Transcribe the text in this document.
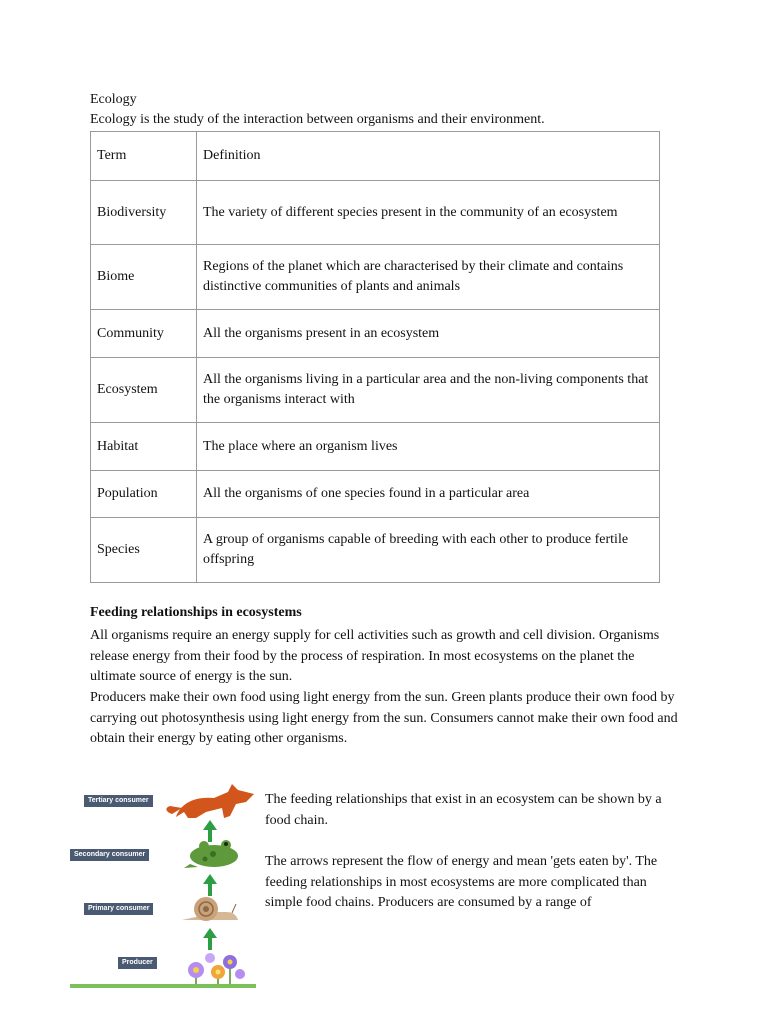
Ecology
Ecology is the study of the interaction between organisms and their environment.
Term	Definition
Biodiversity	The variety of different species present in the community of an ecosystem
Biome	Regions of the planet which are characterised by their climate and contains distinctive communities of plants and animals
Community	All the organisms present in an ecosystem
Ecosystem	All the organisms living in a particular area and the non-living components that the organisms interact with
Habitat	The place where an organism lives
Population	All the organisms of one species found in a particular area
Species	A group of organisms capable of breeding with each other to produce fertile offspring
Feeding relationships in ecosystems
All organisms require an energy supply for cell activities such as growth and cell division. Organisms release energy from their food by the process of respiration. In most ecosystems on the planet the ultimate source of energy is the sun.
Producers make their own food using light energy from the sun. Green plants produce their own food by carrying out photosynthesis using light energy from the sun. Consumers cannot make their own food and obtain their energy by eating other organisms.
Tertiary consumer
Secondary consumer
Primary consumer
Producer
The feeding relationships that exist in an ecosystem can be shown by a food chain.
The arrows represent the flow of energy and mean 'gets eaten by'. The feeding relationships in most ecosystems are more complicated than simple food chains. Producers are consumed by a range of
